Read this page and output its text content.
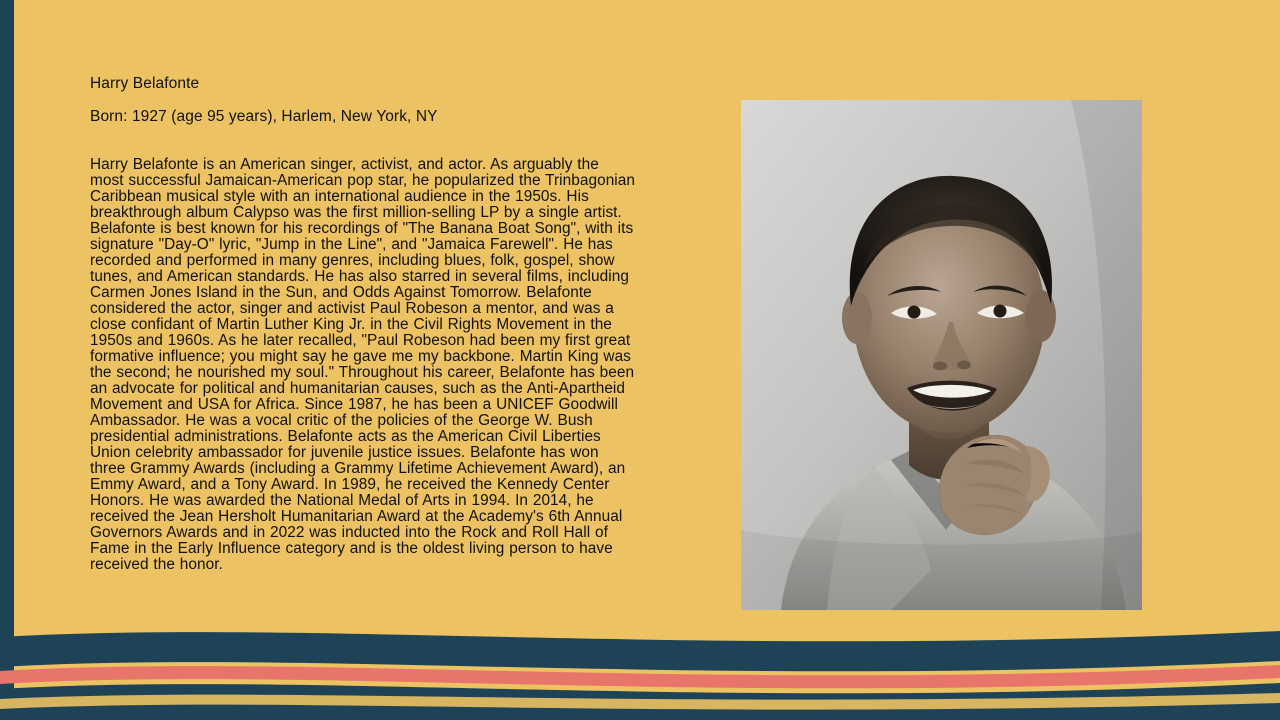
Harry Belafonte

Born: 1927 (age 95 years), Harlem, New York, NY

Harry Belafonte is an American singer, activist, and actor. As arguably the most successful Jamaican-American pop star, he popularized the Trinbagonian Caribbean musical style with an international audience in the 1950s. His breakthrough album Calypso was the first million-selling LP by a single artist. Belafonte is best known for his recordings of "The Banana Boat Song", with its signature "Day-O" lyric, "Jump in the Line", and "Jamaica Farewell". He has recorded and performed in many genres, including blues, folk, gospel, show tunes, and American standards. He has also starred in several films, including Carmen Jones Island in the Sun, and Odds Against Tomorrow. Belafonte considered the actor, singer and activist Paul Robeson a mentor, and was a close confidant of Martin Luther King Jr. in the Civil Rights Movement in the 1950s and 1960s. As he later recalled, "Paul Robeson had been my first great formative influence; you might say he gave me my backbone. Martin King was the second; he nourished my soul." Throughout his career, Belafonte has been an advocate for political and humanitarian causes, such as the Anti-Apartheid Movement and USA for Africa. Since 1987, he has been a UNICEF Goodwill Ambassador. He was a vocal critic of the policies of the George W. Bush presidential administrations. Belafonte acts as the American Civil Liberties Union celebrity ambassador for juvenile justice issues. Belafonte has won three Grammy Awards (including a Grammy Lifetime Achievement Award), an Emmy Award, and a Tony Award. In 1989, he received the Kennedy Center Honors. He was awarded the National Medal of Arts in 1994. In 2014, he received the Jean Hersholt Humanitarian Award at the Academy's 6th Annual Governors Awards and in 2022 was inducted into the Rock and Roll Hall of Fame in the Early Influence category and is the oldest living person to have received the honor.
